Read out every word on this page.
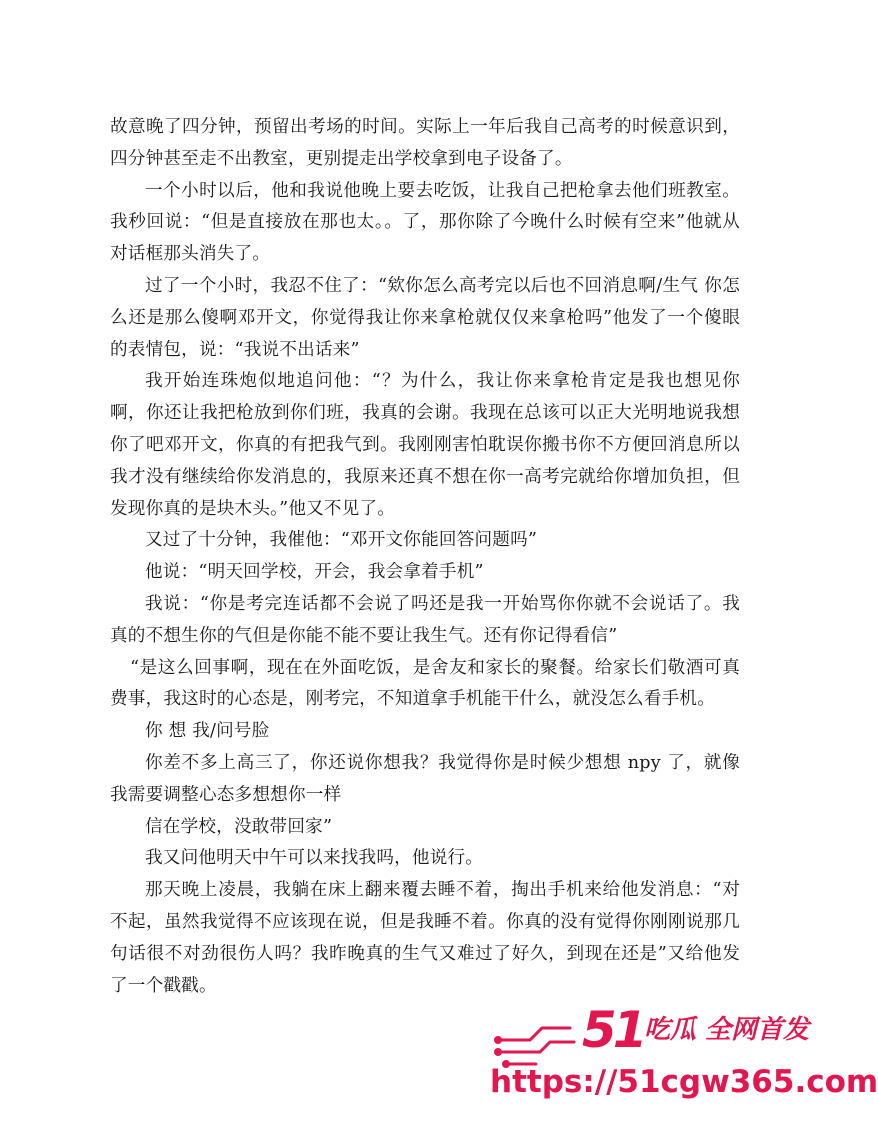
故意晚了四分钟，预留出考场的时间。实际上一年后我自己高考的时候意识到，四分钟甚至走不出教室，更别提走出学校拿到电子设备了。

一个小时以后，他和我说他晚上要去吃饭，让我自己把枪拿去他们班教室。我秒回说：“但是直接放在那也太。。了，那你除了今晚什么时候有空来”他就从对话框那头消失了。

过了一个小时，我忍不住了：“欸你怎么高考完以后也不回消息啊/生气 你怎么还是那么傻啊邓开文，你觉得我让你来拿枪就仅仅来拿枪吗”他发了一个傻眼的表情包，说：“我说不出话来”

我开始连珠炮似地追问他：“？为什么，我让你来拿枪肯定是我也想见你啊，你还让我把枪放到你们班，我真的会谢。我现在总该可以正大光明地说我想你了吧邓开文，你真的有把我气到。我刚刚害怕耽误你搬书你不方便回消息所以我才没有继续给你发消息的，我原来还真不想在你一高考完就给你增加负担，但发现你真的是块木头。”他又不见了。

又过了十分钟，我催他：“邓开文你能回答问题吗”

他说：“明天回学校，开会，我会拿着手机”

我说：“你是考完连话都不会说了吗还是我一开始骂你你就不会说话了。我真的不想生你的气但是你能不能不要让我生气。还有你记得看信”

“是这么回事啊，现在在外面吃饭，是舍友和家长的聚餐。给家长们敬酒可真费事，我这时的心态是，刚考完，不知道拿手机能干什么，就没怎么看手机。

你 想 我/问号脸

你差不多上高三了，你还说你想我？我觉得你是时候少想想 npy 了，就像我需要调整心态多想想你一样

信在学校，没敢带回家”

我又问他明天中午可以来找我吗，他说行。

那天晚上凌晨，我躺在床上翻来覆去睡不着，掏出手机来给他发消息：“对不起，虽然我觉得不应该现在说，但是我睡不着。你真的没有觉得你刚刚说那几句话很不对劲很伤人吗？我昨晚真的生气又难过了好久，到现在还是”又给他发了一个戳戳。

51 吃瓜 全网首发
https://51cgw365.com
